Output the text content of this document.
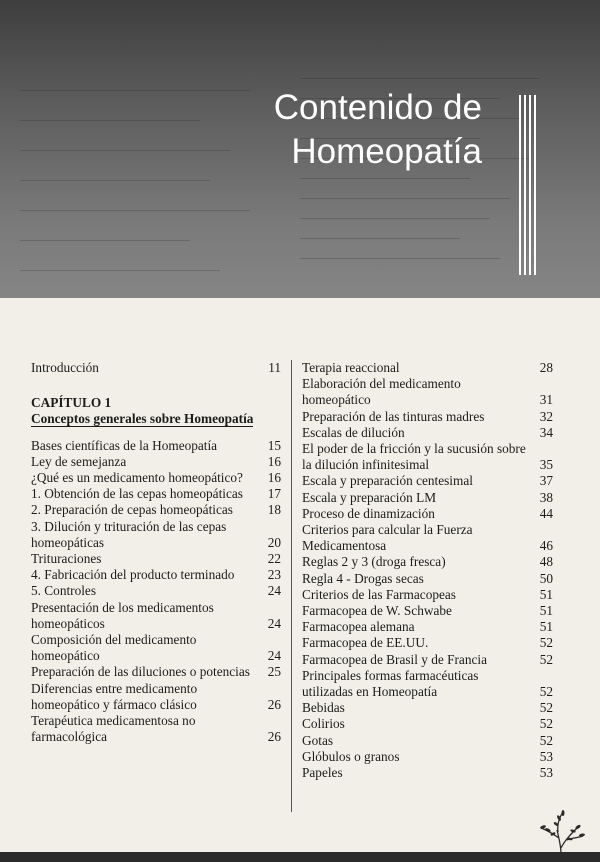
Contenido de
Homeopatía
Introducción	11
CAPÍTULO 1
Conceptos generales sobre Homeopatía
Bases científicas de la Homeopatía	15
Ley de semejanza	16
¿Qué es un medicamento homeopático?	16
1. Obtención de las cepas homeopáticas	17
2. Preparación de cepas homeopáticas	18
3. Dilución y trituración de las cepas homeopáticas	20
Trituraciones	22
4. Fabricación del producto terminado	23
5. Controles	24
Presentación de los medicamentos homeopáticos	24
Composición del medicamento homeopático	24
Preparación de las diluciones o potencias	25
Diferencias entre medicamento homeopático y fármaco clásico	26
Terapéutica medicamentosa no farmacológica	26
Terapia reaccional	28
Elaboración del medicamento homeopático	31
Preparación de las tinturas madres	32
Escalas de dilución	34
El poder de la fricción y la sucusión sobre la dilución infinitesimal	35
Escala y preparación centesimal	37
Escala y preparación LM	38
Proceso de dinamización	44
Criterios para calcular la Fuerza Medicamentosa	46
Reglas 2 y 3 (droga fresca)	48
Regla 4 - Drogas secas	50
Criterios de las Farmacopeas	51
Farmacopea de W. Schwabe	51
Farmacopea alemana	51
Farmacopea de EE.UU.	52
Farmacopea de Brasil y de Francia	52
Principales formas farmacéuticas utilizadas en Homeopatía	52
Bebidas	52
Colirios	52
Gotas	52
Glóbulos o granos	53
Papeles	53
